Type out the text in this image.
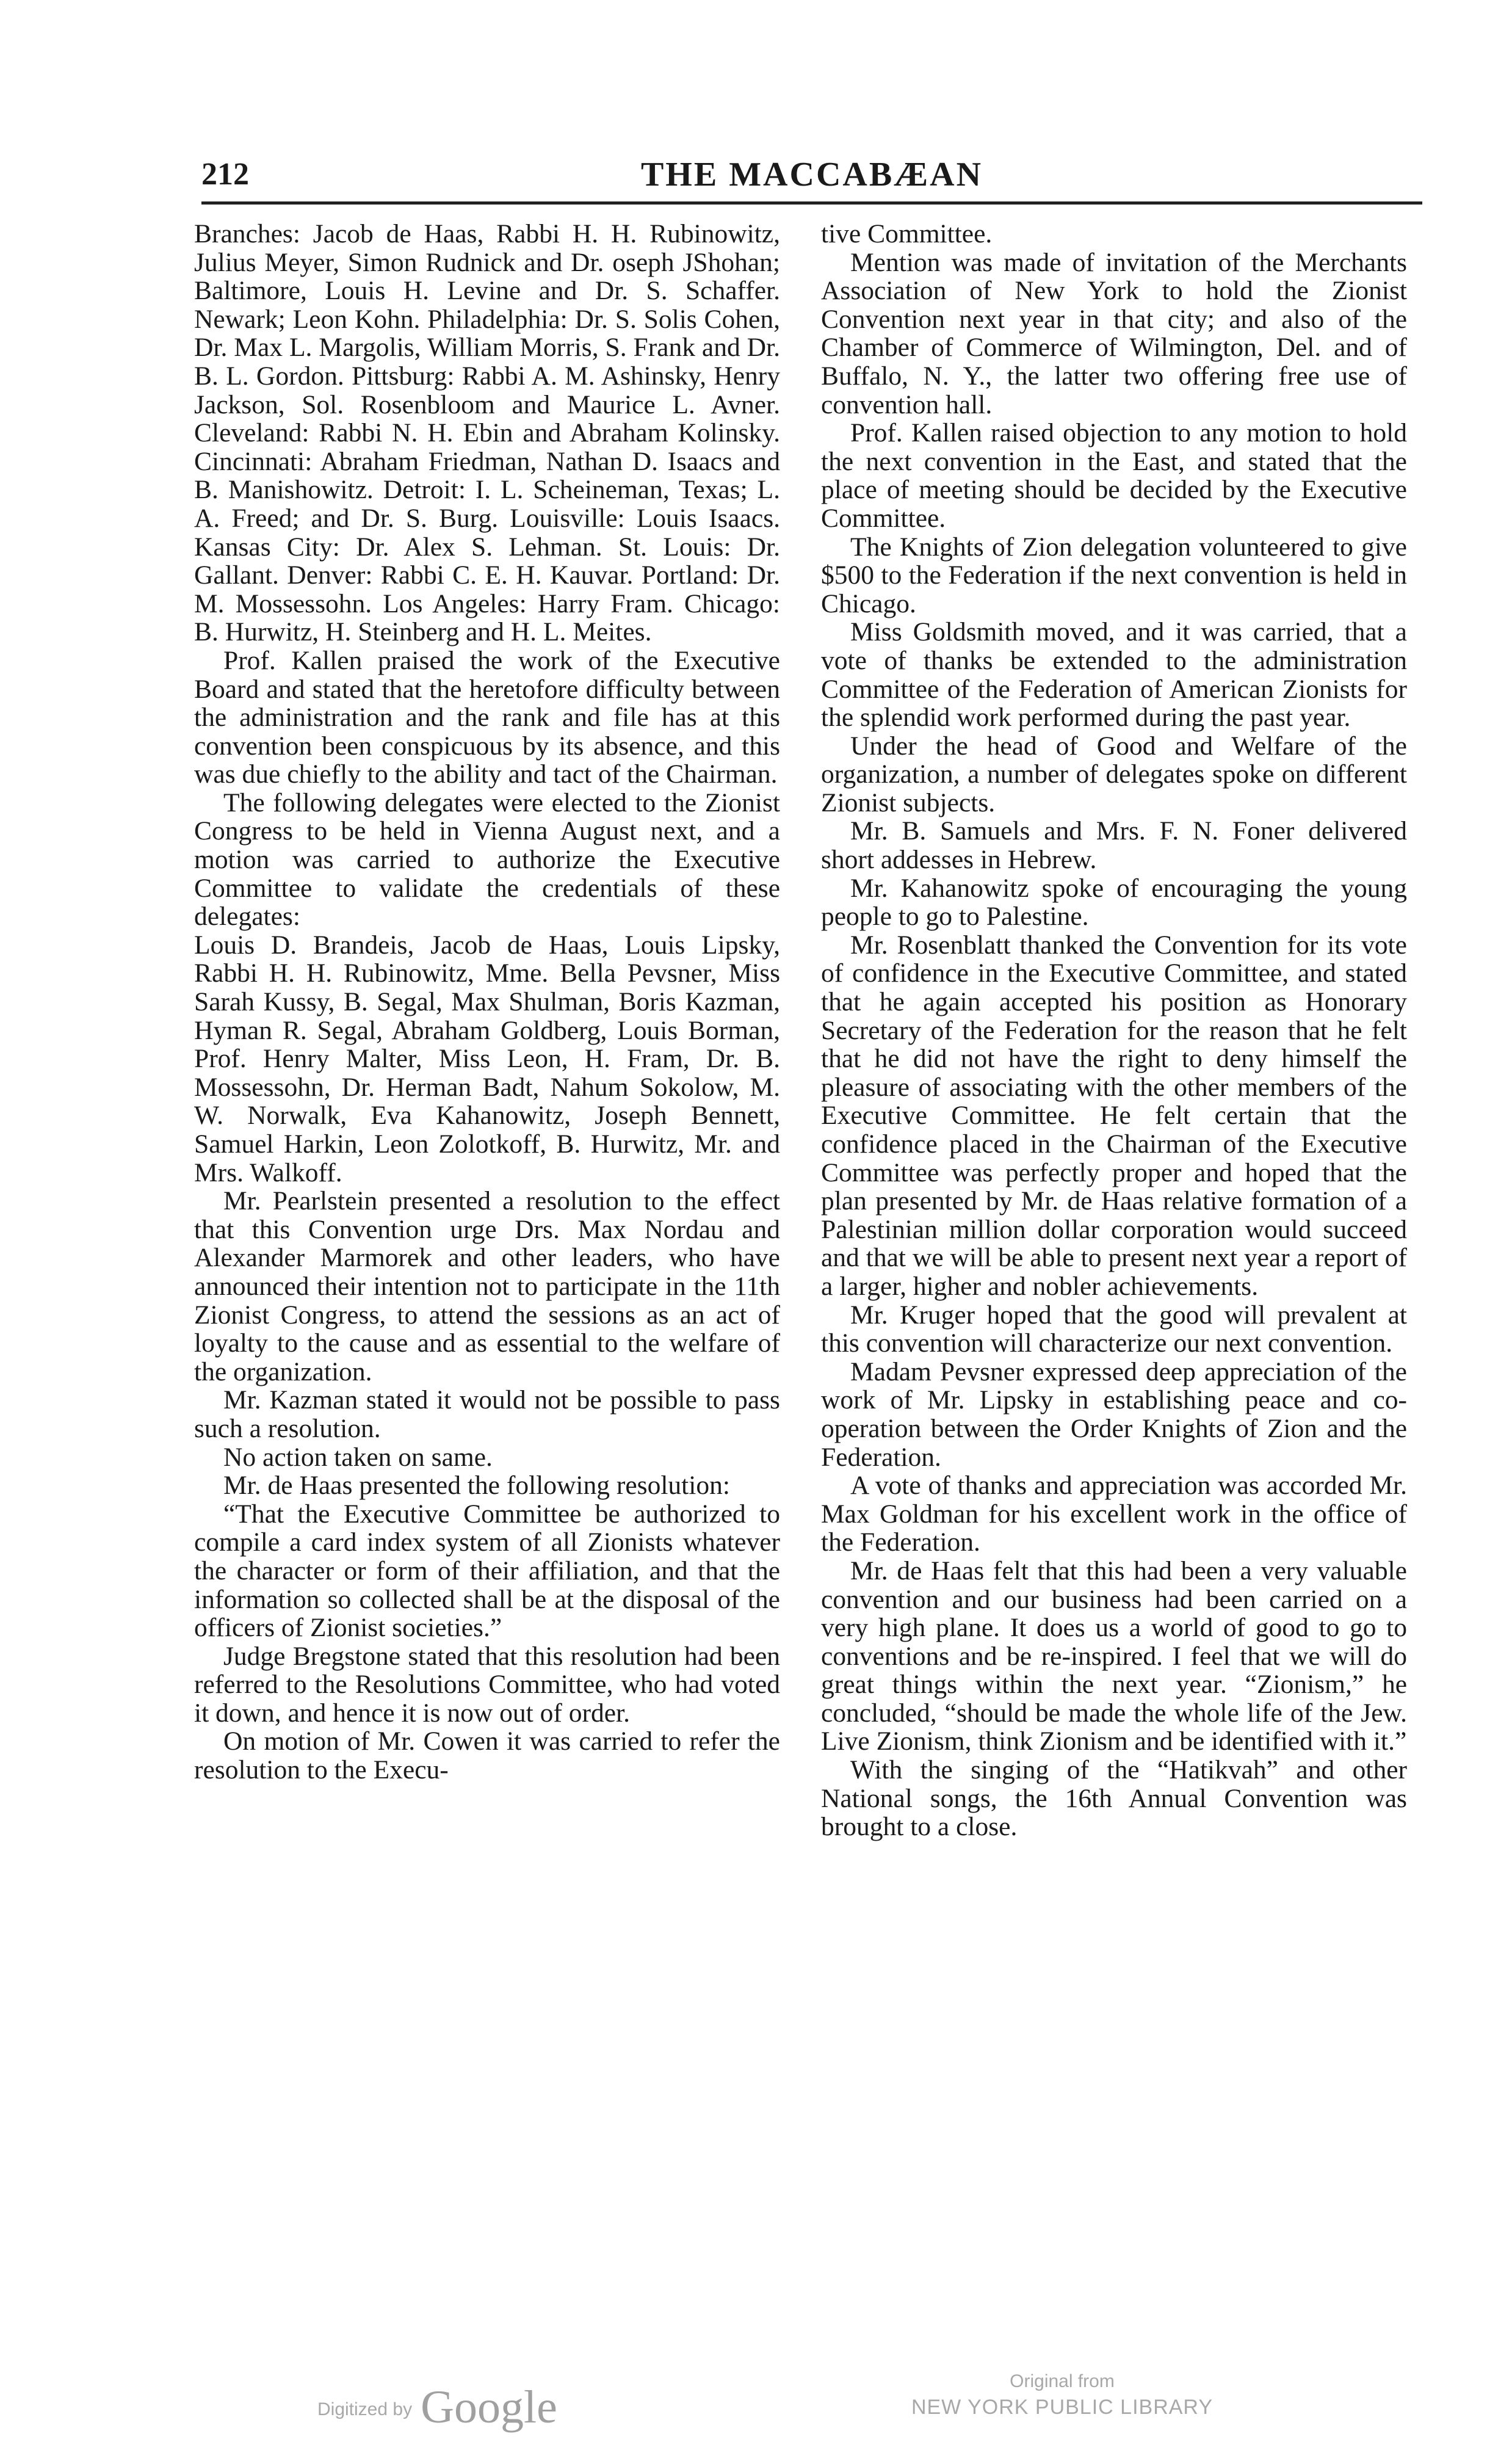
212	THE MACCABÆAN

Branches: Jacob de Haas, Rabbi H. H. Rubinowitz, Julius Meyer, Simon Rudnick and Dr. oseph JShohan; Baltimore, Louis H. Levine and Dr. S. Schaffer. Newark; Leon Kohn. Philadelphia: Dr. S. Solis Cohen, Dr. Max L. Margolis, William Morris, S. Frank and Dr. B. L. Gordon. Pittsburg: Rabbi A. M. Ashinsky, Henry Jackson, Sol. Rosenbloom and Maurice L. Avner. Cleveland: Rabbi N. H. Ebin and Abraham Kolinsky. Cincinnati: Abraham Friedman, Nathan D. Isaacs and B. Manishowitz. Detroit: I. L. Scheineman, Texas; L. A. Freed; and Dr. S. Burg. Louisville: Louis Isaacs. Kansas City: Dr. Alex S. Lehman. St. Louis: Dr. Gallant. Denver: Rabbi C. E. H. Kauvar. Portland: Dr. M. Mossessohn. Los Angeles: Harry Fram. Chicago: B. Hurwitz, H. Steinberg and H. L. Meites.

Prof. Kallen praised the work of the Executive Board and stated that the heretofore difficulty between the administration and the rank and file has at this convention been conspicuous by its absence, and this was due chiefly to the ability and tact of the Chairman.

The following delegates were elected to the Zionist Congress to be held in Vienna August next, and a motion was carried to authorize the Executive Committee to validate the credentials of these delegates:

Louis D. Brandeis, Jacob de Haas, Louis Lipsky, Rabbi H. H. Rubinowitz, Mme. Bella Pevsner, Miss Sarah Kussy, B. Segal, Max Shulman, Boris Kazman, Hyman R. Segal, Abraham Goldberg, Louis Borman, Prof. Henry Malter, Miss Leon, H. Fram, Dr. B. Mossessohn, Dr. Herman Badt, Nahum Sokolow, M. W. Norwalk, Eva Kahanowitz, Joseph Bennett, Samuel Harkin, Leon Zolotkoff, B. Hurwitz, Mr. and Mrs. Walkoff.

Mr. Pearlstein presented a resolution to the effect that this Convention urge Drs. Max Nordau and Alexander Marmorek and other leaders, who have announced their intention not to participate in the 11th Zionist Congress, to attend the sessions as an act of loyalty to the cause and as essential to the welfare of the organization.

Mr. Kazman stated it would not be possible to pass such a resolution.

No action taken on same.

Mr. de Haas presented the following resolution:

“That the Executive Committee be authorized to compile a card index system of all Zionists whatever the character or form of their affiliation, and that the information so collected shall be at the disposal of the officers of Zionist societies.”

Judge Bregstone stated that this resolution had been referred to the Resolutions Committee, who had voted it down, and hence it is now out of order.

On motion of Mr. Cowen it was carried to refer the resolution to the Execu-

tive Committee.

Mention was made of invitation of the Merchants Association of New York to hold the Zionist Convention next year in that city; and also of the Chamber of Commerce of Wilmington, Del. and of Buffalo, N. Y., the latter two offering free use of convention hall.

Prof. Kallen raised objection to any motion to hold the next convention in the East, and stated that the place of meeting should be decided by the Executive Committee.

The Knights of Zion delegation volunteered to give $500 to the Federation if the next convention is held in Chicago.

Miss Goldsmith moved, and it was carried, that a vote of thanks be extended to the administration Committee of the Federation of American Zionists for the splendid work performed during the past year.

Under the head of Good and Welfare of the organization, a number of delegates spoke on different Zionist subjects.

Mr. B. Samuels and Mrs. F. N. Foner delivered short addesses in Hebrew.

Mr. Kahanowitz spoke of encouraging the young people to go to Palestine.

Mr. Rosenblatt thanked the Convention for its vote of confidence in the Executive Committee, and stated that he again accepted his position as Honorary Secretary of the Federation for the reason that he felt that he did not have the right to deny himself the pleasure of associating with the other members of the Executive Committee. He felt certain that the confidence placed in the Chairman of the Executive Committee was perfectly proper and hoped that the plan presented by Mr. de Haas relative formation of a Palestinian million dollar corporation would succeed and that we will be able to present next year a report of a larger, higher and nobler achievements.

Mr. Kruger hoped that the good will prevalent at this convention will characterize our next convention.

Madam Pevsner expressed deep appreciation of the work of Mr. Lipsky in establishing peace and co-operation between the Order Knights of Zion and the Federation.

A vote of thanks and appreciation was accorded Mr. Max Goldman for his excellent work in the office of the Federation.

Mr. de Haas felt that this had been a very valuable convention and our business had been carried on a very high plane. It does us a world of good to go to conventions and be re-inspired. I feel that we will do great things within the next year. “Zionism,” he concluded, “should be made the whole life of the Jew. Live Zionism, think Zionism and be identified with it.”

With the singing of the “Hatikvah” and other National songs, the 16th Annual Convention was brought to a close.

Digitized by Google
Original from
NEW YORK PUBLIC LIBRARY
